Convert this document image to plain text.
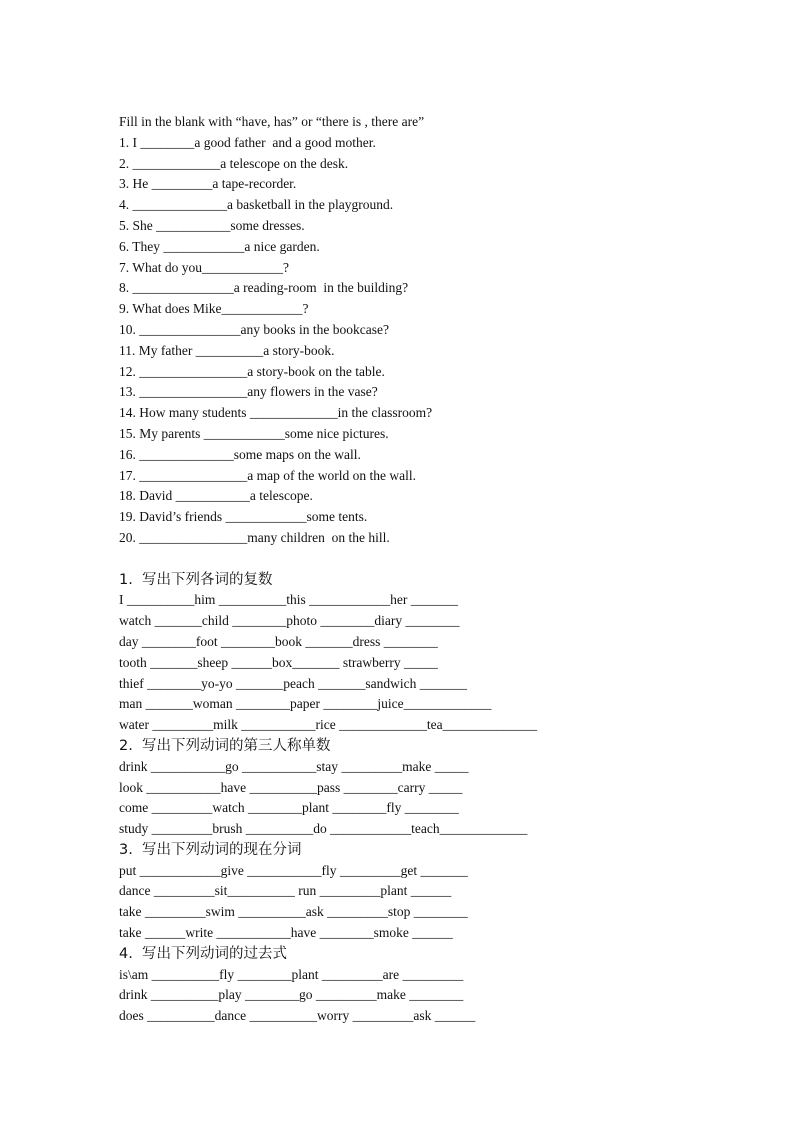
Fill in the blank with “have, has” or “there is , there are”
1. I ________a good father  and a good mother.
2. _____________a telescope on the desk.
3. He _________a tape-recorder.
4. ______________a basketball in the playground.
5. She ___________some dresses.
6. They ____________a nice garden.
7. What do you____________?
8. _______________a reading-room  in the building?
9. What does Mike____________?
10. _______________any books in the bookcase?
11. My father __________a story-book.
12. ________________a story-book on the table.
13. ________________any flowers in the vase?
14. How many students _____________in the classroom?
15. My parents ____________some nice pictures.
16. ______________some maps on the wall.
17. ________________a map of the world on the wall.
18. David ___________a telescope.
19. David’s friends ____________some tents.
20. ________________many children  on the hill.
1.  写出下列各词的复数
I __________him __________this ____________her _______
watch _______child ________photo ________diary ________
day ________foot ________book _______dress ________
tooth _______sheep ______box_______ strawberry _____
thief ________yo-yo _______peach _______sandwich _______
man _______woman ________paper ________juice_____________
water _________milk ___________rice _____________tea______________
2.  写出下列动词的第三人称单数
drink ___________go ___________stay _________make _____
look ___________have __________pass ________carry _____
come _________watch ________plant ________fly ________
study _________brush __________do ____________teach_____________
3.  写出下列动词的现在分词
put ____________give ___________fly _________get _______
dance _________sit__________ run _________plant ______
take _________swim __________ask _________stop ________
take ______write ___________have ________smoke ______
4.  写出下列动词的过去式
is\am __________fly ________plant _________are _________
drink __________play ________go _________make ________
does __________dance __________worry _________ask ______
